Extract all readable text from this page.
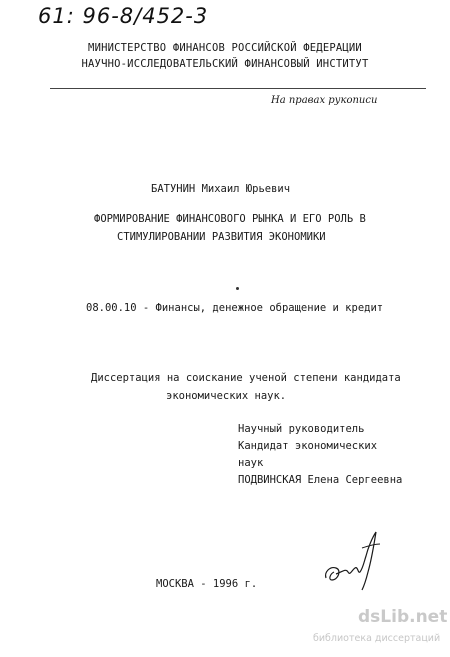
61: 96-8/452-3
МИНИСТЕРСТВО ФИНАНСОВ РОССИЙСКОЙ ФЕДЕРАЦИИ
НАУЧНО-ИССЛЕДОВАТЕЛЬСКИЙ ФИНАНСОВЫЙ ИНСТИТУТ
На правах рукописи
БАТУНИН Михаил Юрьевич
ФОРМИРОВАНИЕ ФИНАНСОВОГО РЫНКА И ЕГО РОЛЬ В
СТИМУЛИРОВАНИИ РАЗВИТИЯ ЭКОНОМИКИ
08.00.10 - Финансы, денежное обращение и кредит
Диссертация на соискание ученой степени кандидата
экономических наук.
Научный руководитель
Кандидат экономических
наук
ПОДВИНСКАЯ Елена Сергеевна
МОСКВА - 1996 г.
dsLib.net
библиотека диссертаций
